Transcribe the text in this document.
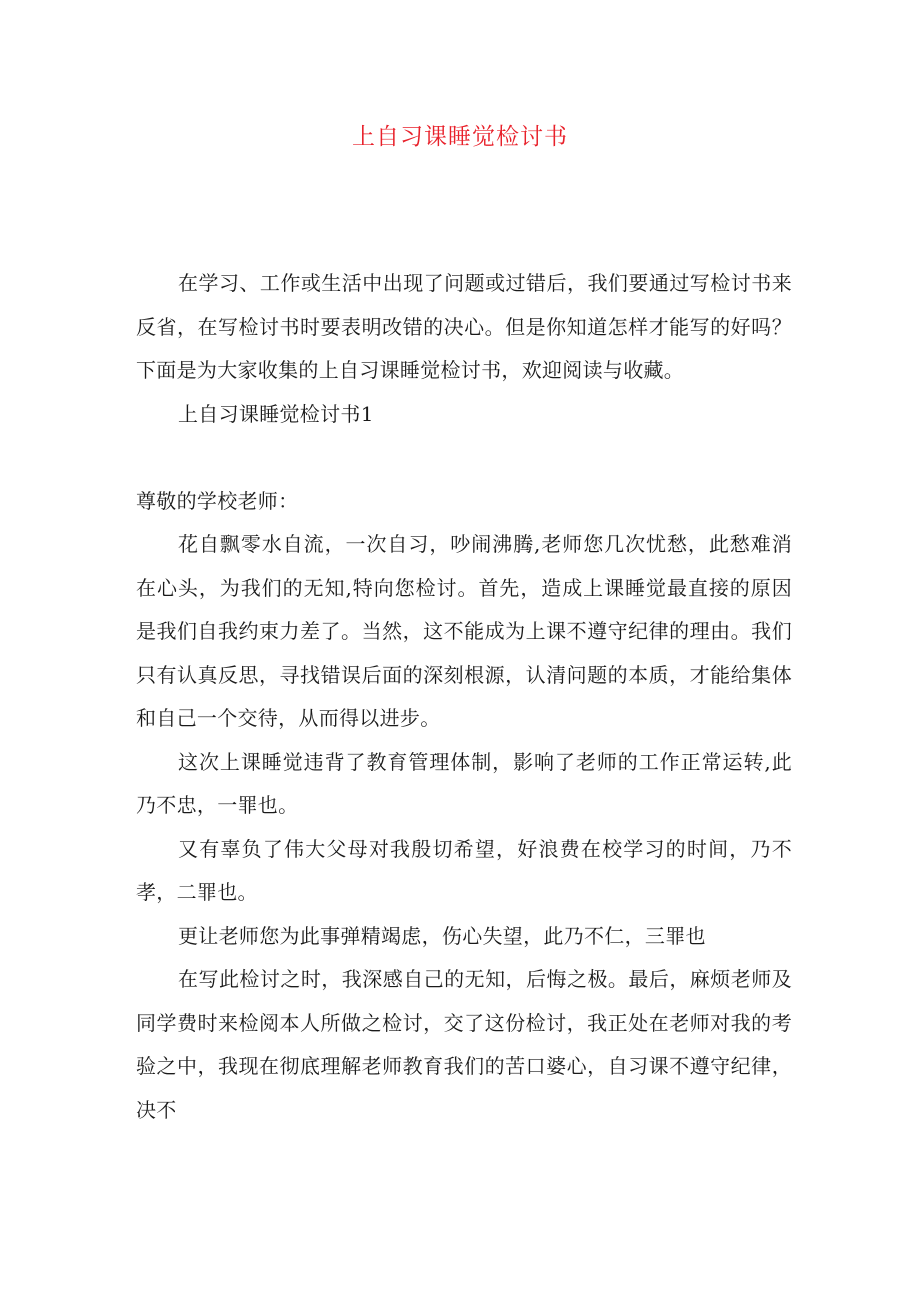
上自习课睡觉检讨书

在学习、工作或生活中出现了问题或过错后，我们要通过写检讨书来反省，在写检讨书时要表明改错的决心。但是你知道怎样才能写的好吗？下面是为大家收集的上自习课睡觉检讨书，欢迎阅读与收藏。

上自习课睡觉检讨书1

尊敬的学校老师：

花自飘零水自流，一次自习，吵闹沸腾,老师您几次忧愁，此愁难消在心头，为我们的无知,特向您检讨。首先，造成上课睡觉最直接的原因是我们自我约束力差了。当然，这不能成为上课不遵守纪律的理由。我们只有认真反思，寻找错误后面的深刻根源，认清问题的本质，才能给集体和自己一个交待，从而得以进步。

这次上课睡觉违背了教育管理体制，影响了老师的工作正常运转,此乃不忠，一罪也。

又有辜负了伟大父母对我殷切希望，好浪费在校学习的时间，乃不孝，二罪也。

更让老师您为此事弹精竭虑，伤心失望，此乃不仁，三罪也

在写此检讨之时，我深感自己的无知，后悔之极。最后，麻烦老师及同学费时来检阅本人所做之检讨，交了这份检讨，我正处在老师对我的考验之中，我现在彻底理解老师教育我们的苦口婆心，自习课不遵守纪律，决不
